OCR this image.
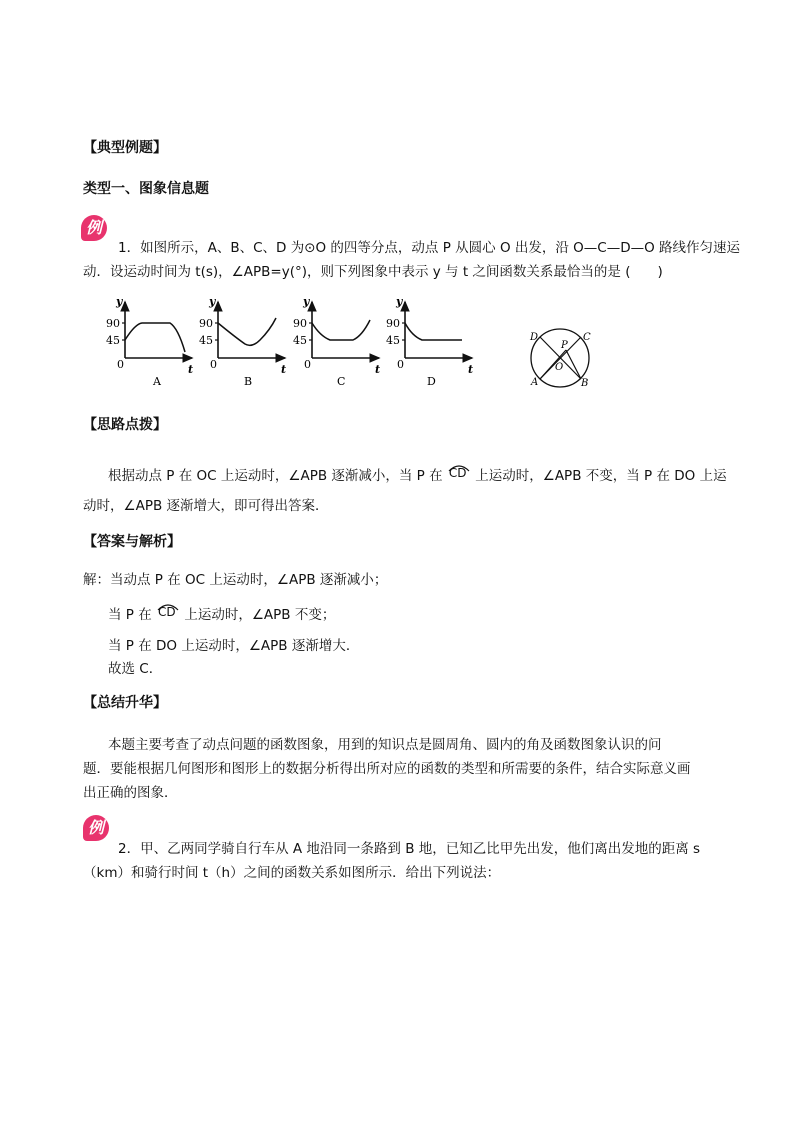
【典型例题】
类型一、图象信息题
例
1．如图所示，A、B、C、D 为⊙O 的四等分点，动点 P 从圆心 O 出发，沿 O—C—D—O 路线作匀速运
动．设运动时间为 t(s)，∠APB=y(°)，则下列图象中表示 y 与 t 之间函数关系最恰当的是 (　　)
y
t
0
90
45
A
y
t
0
90
45
B
y
t
0
90
45
C
y
t
0
90
45
D
D	C
P
O
A	B
【思路点拨】
根据动点 P 在 OC 上运动时，∠APB 逐渐减小，当 P 在 CD 上运动时，∠APB 不变，当 P 在 DO 上运
动时，∠APB 逐渐增大，即可得出答案．
【答案与解析】
解：当动点 P 在 OC 上运动时，∠APB 逐渐减小；
当 P 在 CD 上运动时，∠APB 不变；
当 P 在 DO 上运动时，∠APB 逐渐增大．
故选 C．
【总结升华】
本题主要考查了动点问题的函数图象，用到的知识点是圆周角、圆内的角及函数图象认识的问
题．要能根据几何图形和图形上的数据分析得出所对应的函数的类型和所需要的条件，结合实际意义画
出正确的图象．
例
2．甲、乙两同学骑自行车从 A 地沿同一条路到 B 地，已知乙比甲先出发，他们离出发地的距离 s
（km）和骑行时间 t（h）之间的函数关系如图所示．给出下列说法：
